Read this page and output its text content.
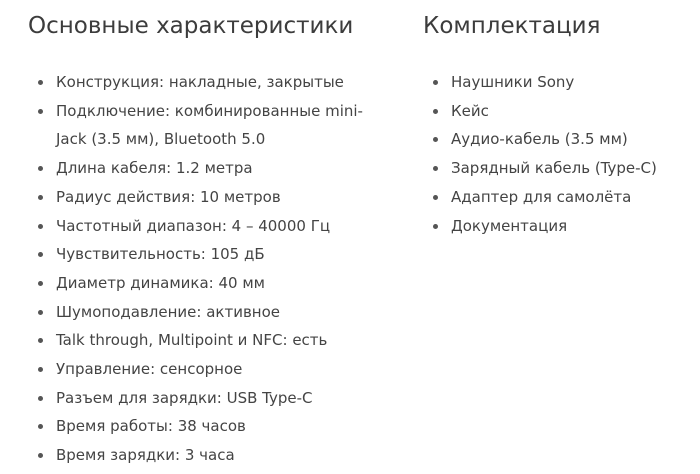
Основные характеристики
Конструкция: накладные, закрытые
Подключение: комбинированные mini-Jack (3.5 мм), Bluetooth 5.0
Длина кабеля: 1.2 метра
Радиус действия: 10 метров
Частотный диапазон: 4 – 40000 Гц
Чувствительность: 105 дБ
Диаметр динамика: 40 мм
Шумоподавление: активное
Talk through, Multipoint и NFC: есть
Управление: сенсорное
Разъем для зарядки: USB Type-C
Время работы: 38 часов
Время зарядки: 3 часа
Комплектация
Наушники Sony
Кейс
Аудио-кабель (3.5 мм)
Зарядный кабель (Type-C)
Адаптер для самолёта
Документация
